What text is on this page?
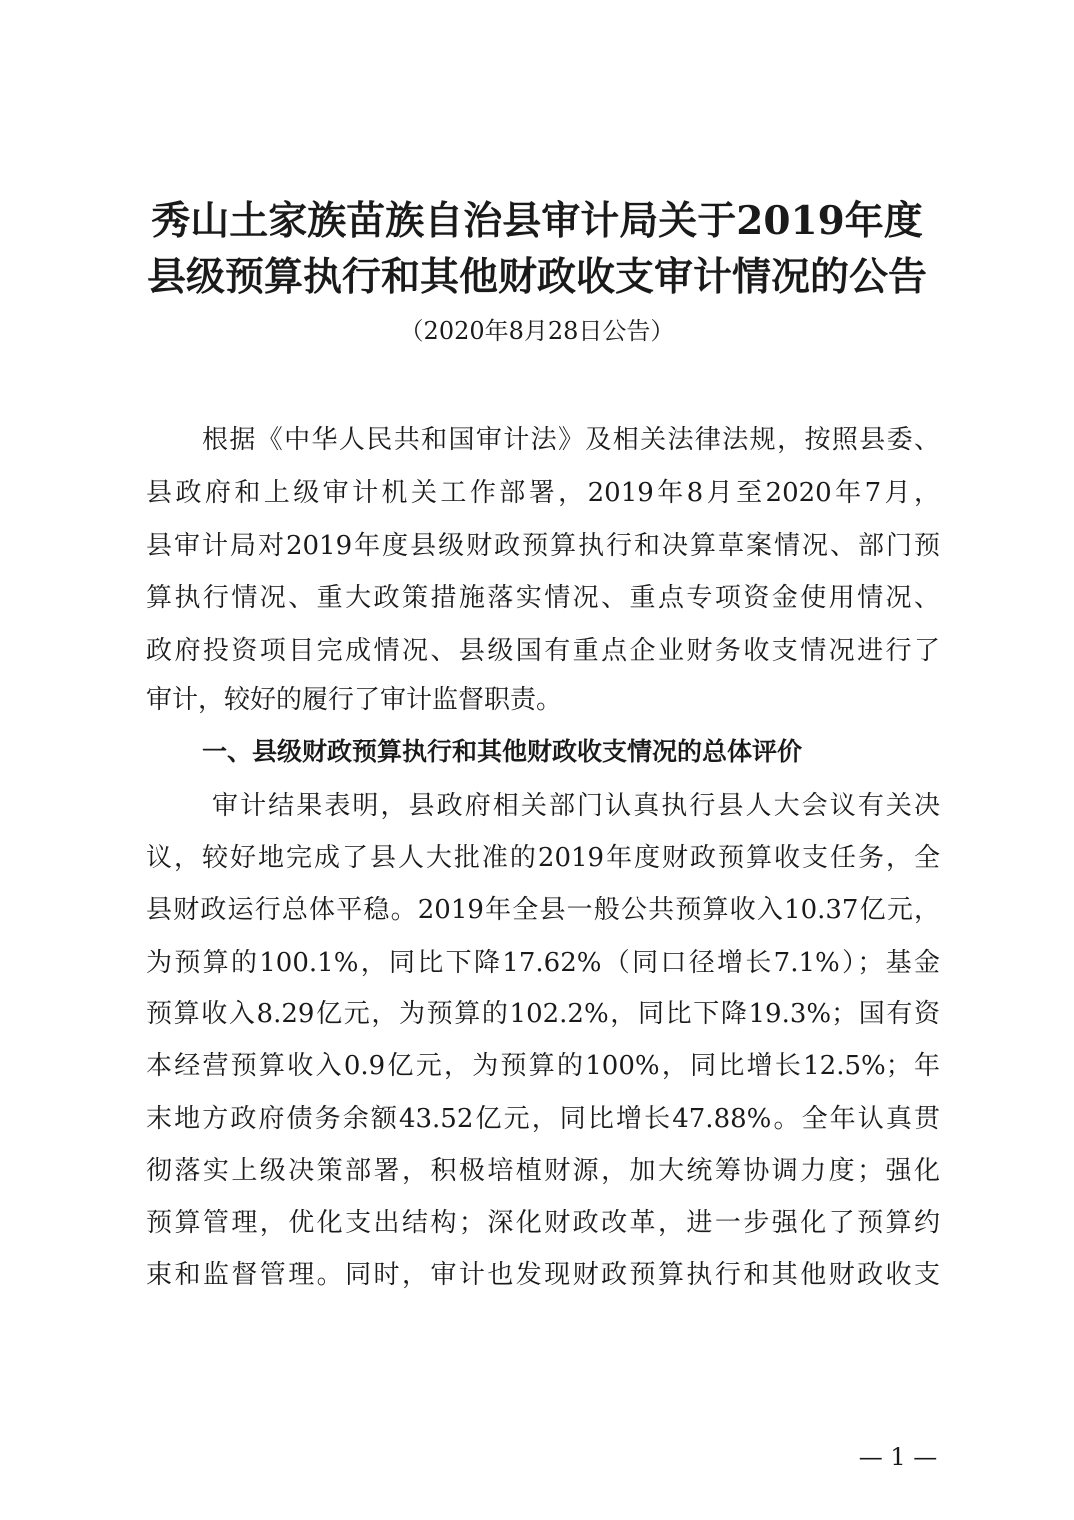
秀山土家族苗族自治县审计局关于2019年度
县级预算执行和其他财政收支审计情况的公告
（2020年8月28日公告）
根据《中华人民共和国审计法》及相关法律法规，按照县委、
县政府和上级审计机关工作部署，2019年8月至2020年7月，
县审计局对2019年度县级财政预算执行和决算草案情况、部门预
算执行情况、重大政策措施落实情况、重点专项资金使用情况、
政府投资项目完成情况、县级国有重点企业财务收支情况进行了
审计，较好的履行了审计监督职责。
一、县级财政预算执行和其他财政收支情况的总体评价
审计结果表明，县政府相关部门认真执行县人大会议有关决
议，较好地完成了县人大批准的2019年度财政预算收支任务，全
县财政运行总体平稳。2019年全县一般公共预算收入10.37亿元，
为预算的100.1%，同比下降17.62%（同口径增长7.1%）；基金
预算收入8.29亿元，为预算的102.2%，同比下降19.3%；国有资
本经营预算收入0.9亿元，为预算的100%，同比增长12.5%；年
末地方政府债务余额43.52亿元，同比增长47.88%。全年认真贯
彻落实上级决策部署，积极培植财源，加大统筹协调力度；强化
预算管理，优化支出结构；深化财政改革，进一步强化了预算约
束和监督管理。同时，审计也发现财政预算执行和其他财政收支
— 1 —
